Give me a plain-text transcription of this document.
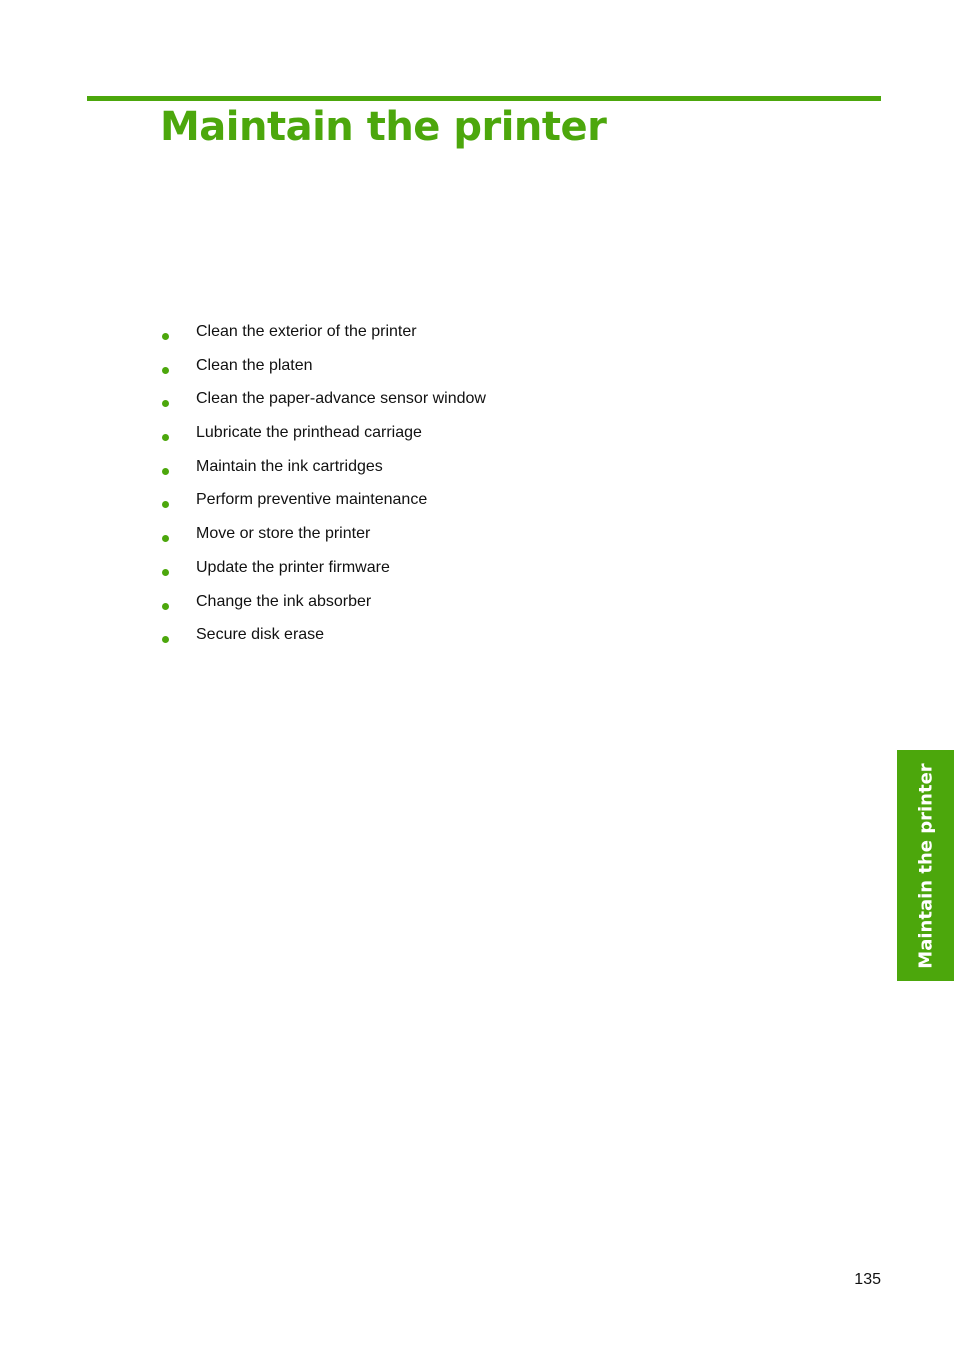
Maintain the printer
Clean the exterior of the printer
Clean the platen
Clean the paper-advance sensor window
Lubricate the printhead carriage
Maintain the ink cartridges
Perform preventive maintenance
Move or store the printer
Update the printer firmware
Change the ink absorber
Secure disk erase
Maintain the printer
135
